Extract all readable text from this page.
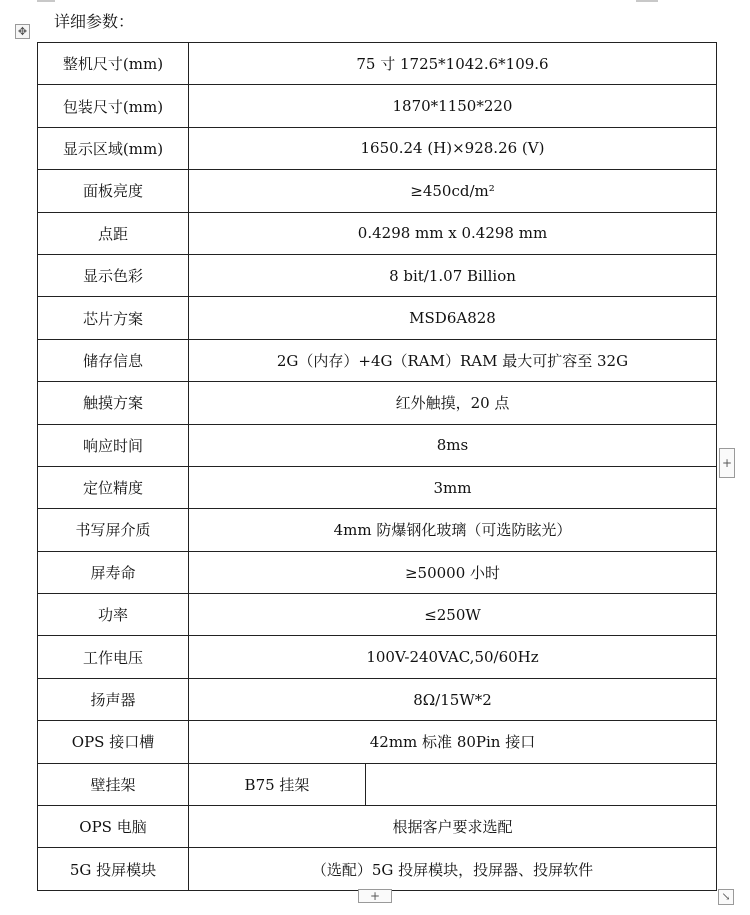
✥
详细参数：
整机尺寸(mm)	75 寸 1725*1042.6*109.6
包装尺寸(mm)	1870*1150*220
显示区域(mm)	1650.24 (H)×928.26 (V)
面板亮度	≥450cd/m²
点距	0.4298 mm x 0.4298 mm
显示色彩	8 bit/1.07 Billion
芯片方案	MSD6A828
储存信息	2G（内存）+4G（RAM）RAM 最大可扩容至 32G
触摸方案	红外触摸，20 点
响应时间	8ms
定位精度	3mm
书写屏介质	4mm 防爆钢化玻璃（可选防眩光）
屏寿命	≥50000 小时
功率	≤250W
工作电压	100V-240VAC,50/60Hz
扬声器	8Ω/15W*2
OPS 接口槽	42mm 标准 80Pin 接口
壁挂架	B75 挂架

OPS 电脑	根据客户要求选配
5G 投屏模块	（选配）5G 投屏模块，投屏器、投屏软件
+
+	↘
